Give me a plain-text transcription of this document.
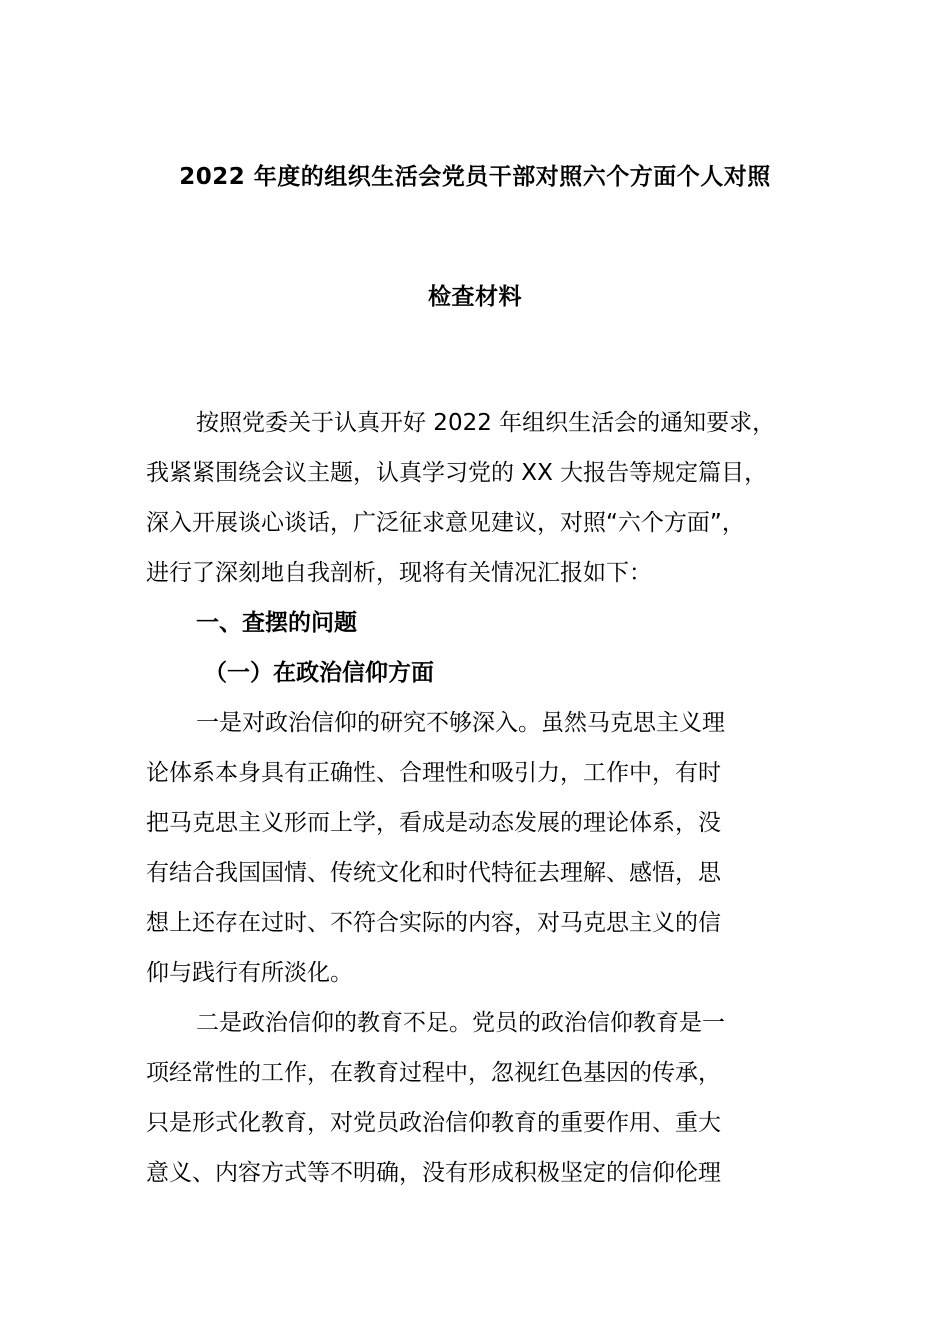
2022 年度的组织生活会党员干部对照六个方面个人对照
检查材料
按照党委关于认真开好 2022 年组织生活会的通知要求，
我紧紧围绕会议主题，认真学习党的 XX 大报告等规定篇目，
深入开展谈心谈话，广泛征求意见建议，对照“六个方面”，
进行了深刻地自我剖析，现将有关情况汇报如下：
一、查摆的问题
（一）在政治信仰方面
一是对政治信仰的研究不够深入。虽然马克思主义理
论体系本身具有正确性、合理性和吸引力，工作中，有时
把马克思主义形而上学，看成是动态发展的理论体系，没
有结合我国国情、传统文化和时代特征去理解、感悟，思
想上还存在过时、不符合实际的内容，对马克思主义的信
仰与践行有所淡化。
二是政治信仰的教育不足。党员的政治信仰教育是一
项经常性的工作，在教育过程中，忽视红色基因的传承，
只是形式化教育，对党员政治信仰教育的重要作用、重大
意义、内容方式等不明确，没有形成积极坚定的信仰伦理
